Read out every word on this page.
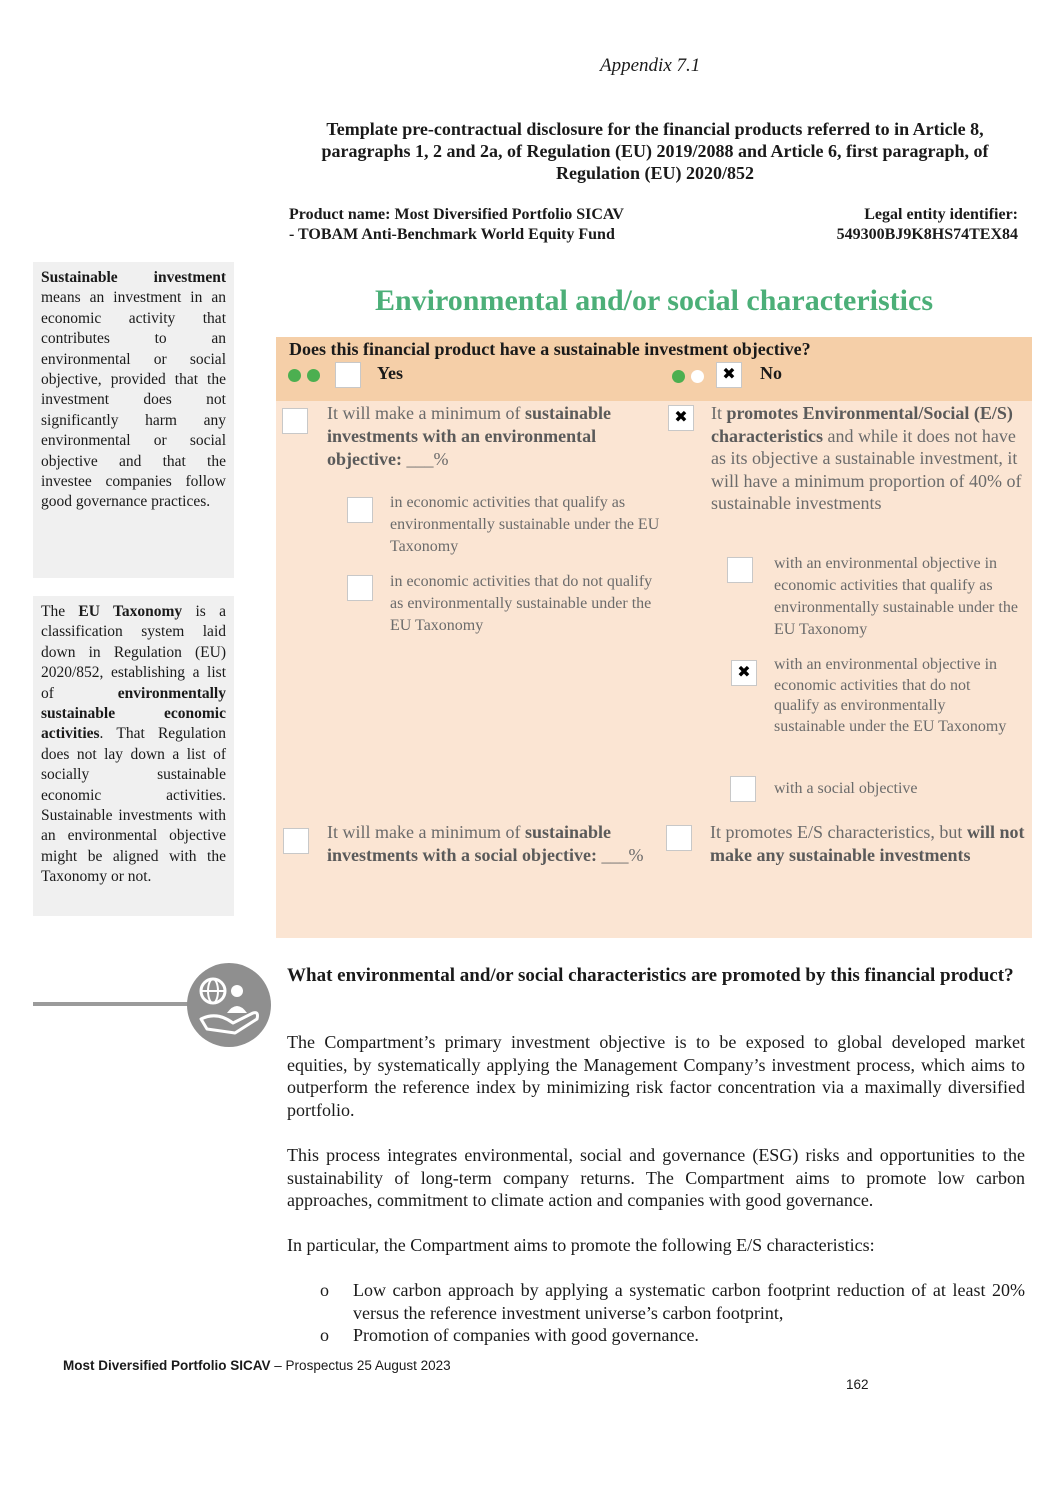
Appendix 7.1
Template pre-contractual disclosure for the financial products referred to in Article 8, paragraphs 1, 2 and 2a, of Regulation (EU) 2019/2088 and Article 6, first paragraph, of Regulation (EU) 2020/852
Product name: Most Diversified Portfolio SICAV - TOBAM Anti-Benchmark World Equity Fund
Legal entity identifier:
549300BJ9K8HS74TEX84
Environmental and/or social characteristics
Sustainable investment means an investment in an economic activity that contributes to an environmental or social objective, provided that the investment does not significantly harm any environmental or social objective and that the investee companies follow good governance practices.
The EU Taxonomy is a classification system laid down in Regulation (EU) 2020/852, establishing a list of	environmentally sustainable economic activities. That Regulation does not lay down a list of socially sustainable economic activities. Sustainable investments with an environmental objective might be aligned with the Taxonomy or not.
Does this financial product have a sustainable investment objective?
Yes	✖	No
It will make a minimum of sustainable investments with an environmental objective: ___%
in economic activities that qualify as environmentally sustainable under the EU Taxonomy
in economic activities that do not qualify as environmentally sustainable under the EU Taxonomy
It will make a minimum of sustainable investments with a social objective: ___%
✖	It promotes Environmental/Social (E/S) characteristics and while it does not have as its objective a sustainable investment, it will have a minimum proportion of 40% of sustainable investments
with an environmental objective in economic activities that qualify as environmentally sustainable under the EU Taxonomy
✖	with an environmental objective in economic activities that do not qualify as environmentally sustainable under the EU Taxonomy
with a social objective
It promotes E/S characteristics, but will not make any sustainable investments
What environmental and/or social characteristics are promoted by this financial product?
The Compartment’s primary investment objective is to be exposed to global developed market equities, by systematically applying the Management Company’s investment process, which aims to outperform the reference index by minimizing risk factor concentration via a maximally diversified portfolio.
This process integrates environmental, social and governance (ESG) risks and opportunities to the sustainability of long-term company returns. The Compartment aims to promote low carbon approaches, commitment to climate action and companies with good governance.
In particular, the Compartment aims to promote the following E/S characteristics:
o Low carbon approach by applying a systematic carbon footprint reduction of at least 20% versus the reference investment universe’s carbon footprint,
o Promotion of companies with good governance.
Most Diversified Portfolio SICAV – Prospectus 25 August 2023
162
